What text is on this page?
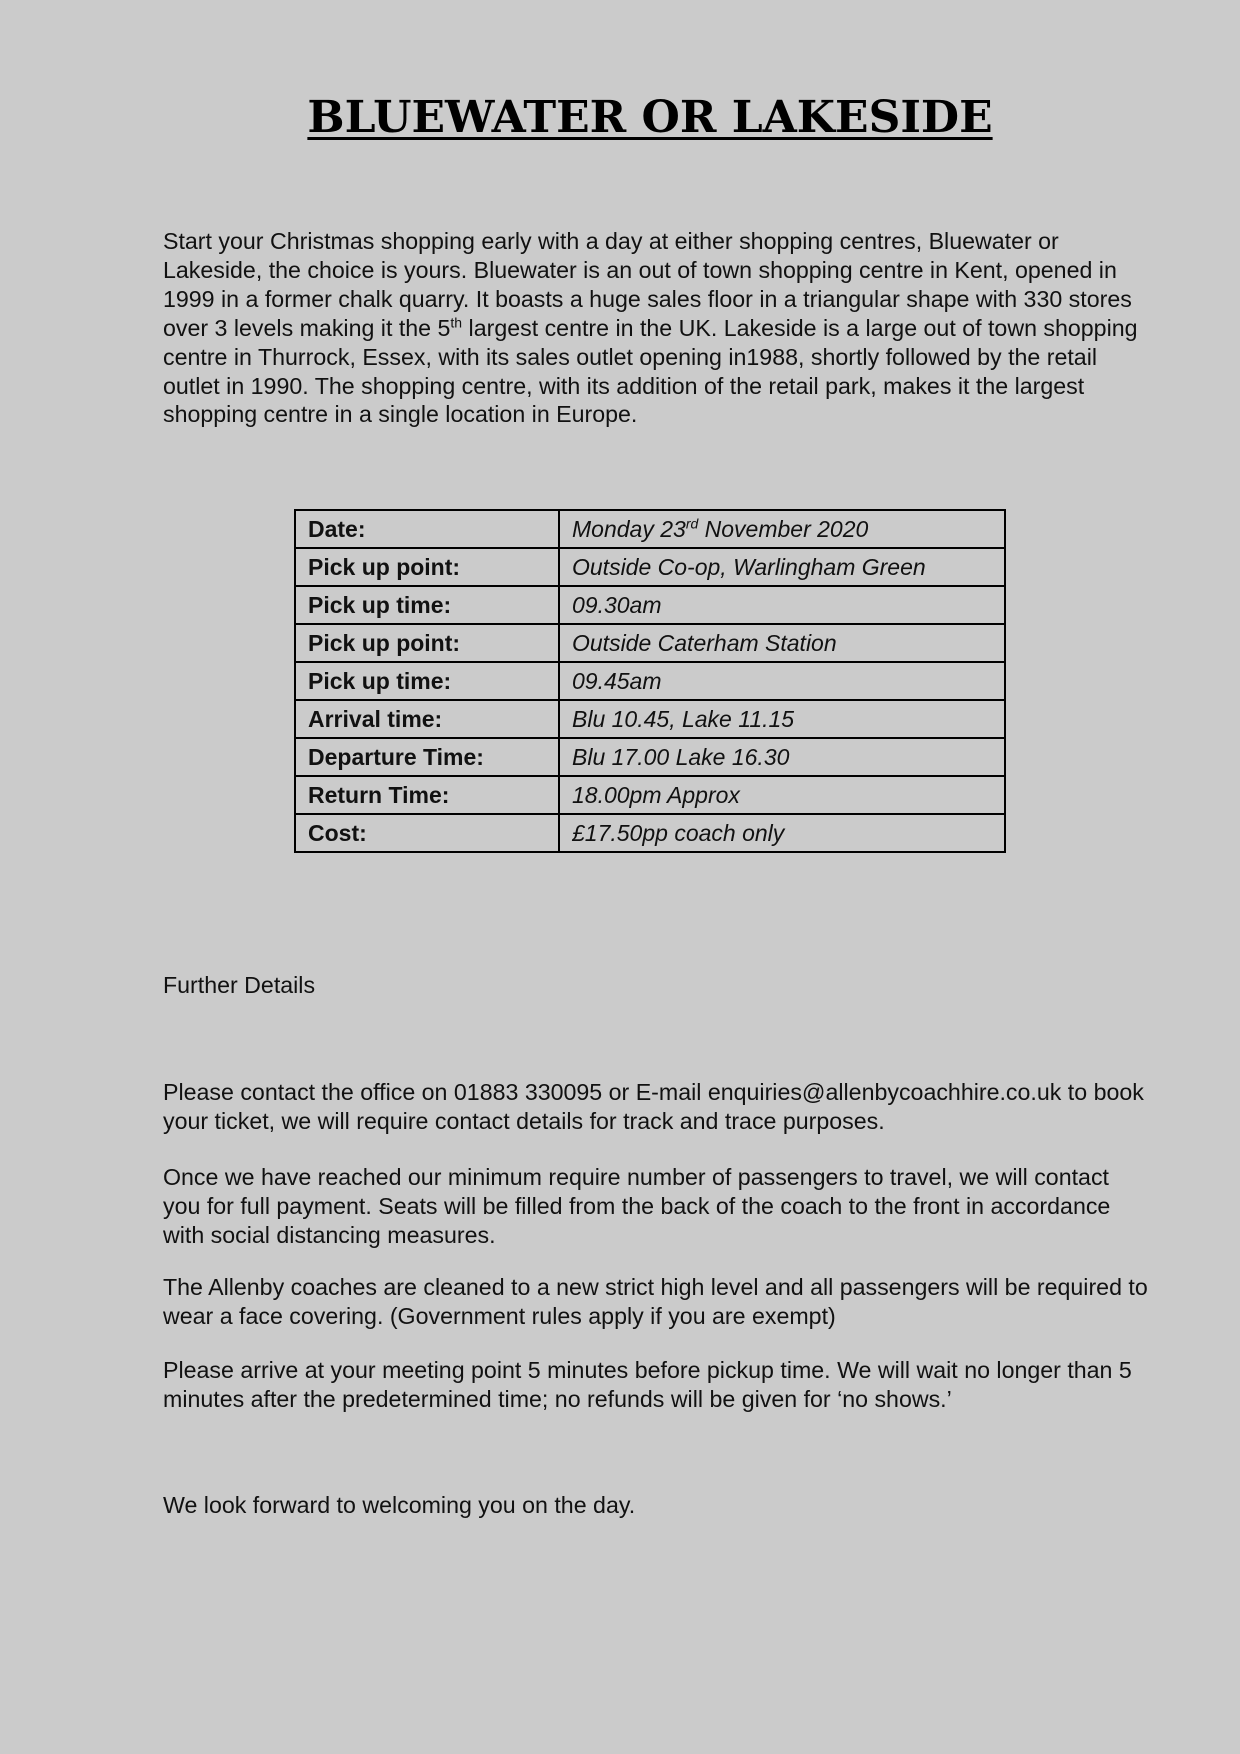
BLUEWATER OR LAKESIDE

Start your Christmas shopping early with a day at either shopping centres, Bluewater or Lakeside, the choice is yours. Bluewater is an out of town shopping centre in Kent, opened in 1999 in a former chalk quarry. It boasts a huge sales floor in a triangular shape with 330 stores over 3 levels making it the 5th largest centre in the UK. Lakeside is a large out of town shopping centre in Thurrock, Essex, with its sales outlet opening in1988, shortly followed by the retail outlet in 1990. The shopping centre, with its addition of the retail park, makes it the largest shopping centre in a single location in Europe.

Date:	Monday 23rd November 2020
Pick up point:	Outside Co-op, Warlingham Green
Pick up time:	09.30am
Pick up point:	Outside Caterham Station
Pick up time:	09.45am
Arrival time:	Blu 10.45, Lake 11.15
Departure Time:	Blu 17.00 Lake 16.30
Return Time:	18.00pm Approx
Cost:	£17.50pp coach only

Further Details

Please contact the office on 01883 330095 or E-mail enquiries@allenbycoachhire.co.uk to book your ticket, we will require contact details for track and trace purposes.

Once we have reached our minimum require number of passengers to travel, we will contact you for full payment. Seats will be filled from the back of the coach to the front in accordance with social distancing measures.

The Allenby coaches are cleaned to a new strict high level and all passengers will be required to wear a face covering. (Government rules apply if you are exempt)

Please arrive at your meeting point 5 minutes before pickup time. We will wait no longer than 5 minutes after the predetermined time; no refunds will be given for ‘no shows.’

We look forward to welcoming you on the day.
